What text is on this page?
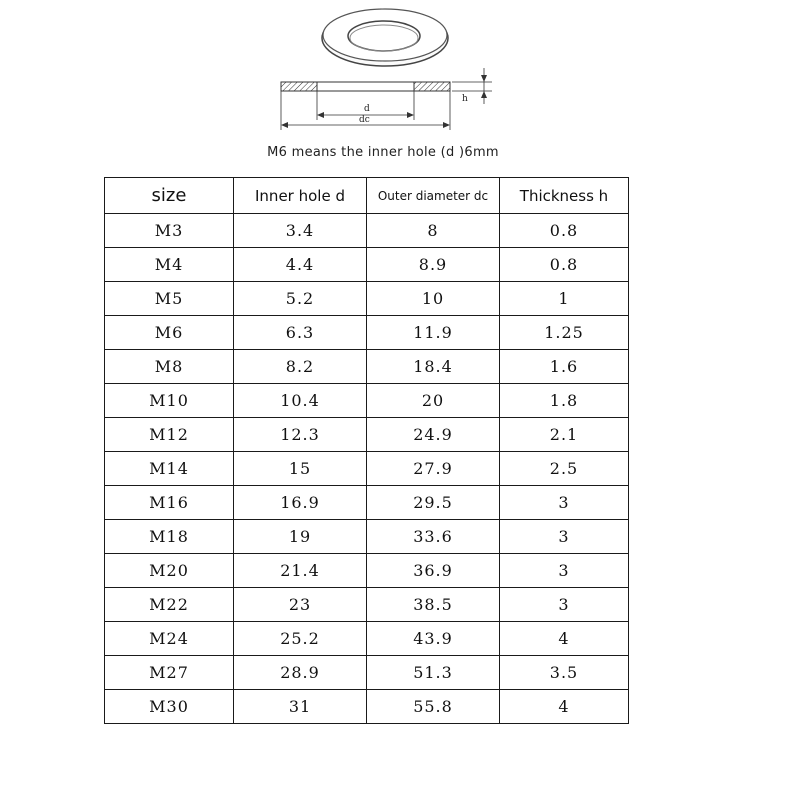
d
dc
h
M6 means the inner hole (d )6mm
size	Inner hole d	Outer diameter dc	Thickness h
M3	3.4	8	0.8
M4	4.4	8.9	0.8
M5	5.2	10	1
M6	6.3	11.9	1.25
M8	8.2	18.4	1.6
M10	10.4	20	1.8
M12	12.3	24.9	2.1
M14	15	27.9	2.5
M16	16.9	29.5	3
M18	19	33.6	3
M20	21.4	36.9	3
M22	23	38.5	3
M24	25.2	43.9	4
M27	28.9	51.3	3.5
M30	31	55.8	4
